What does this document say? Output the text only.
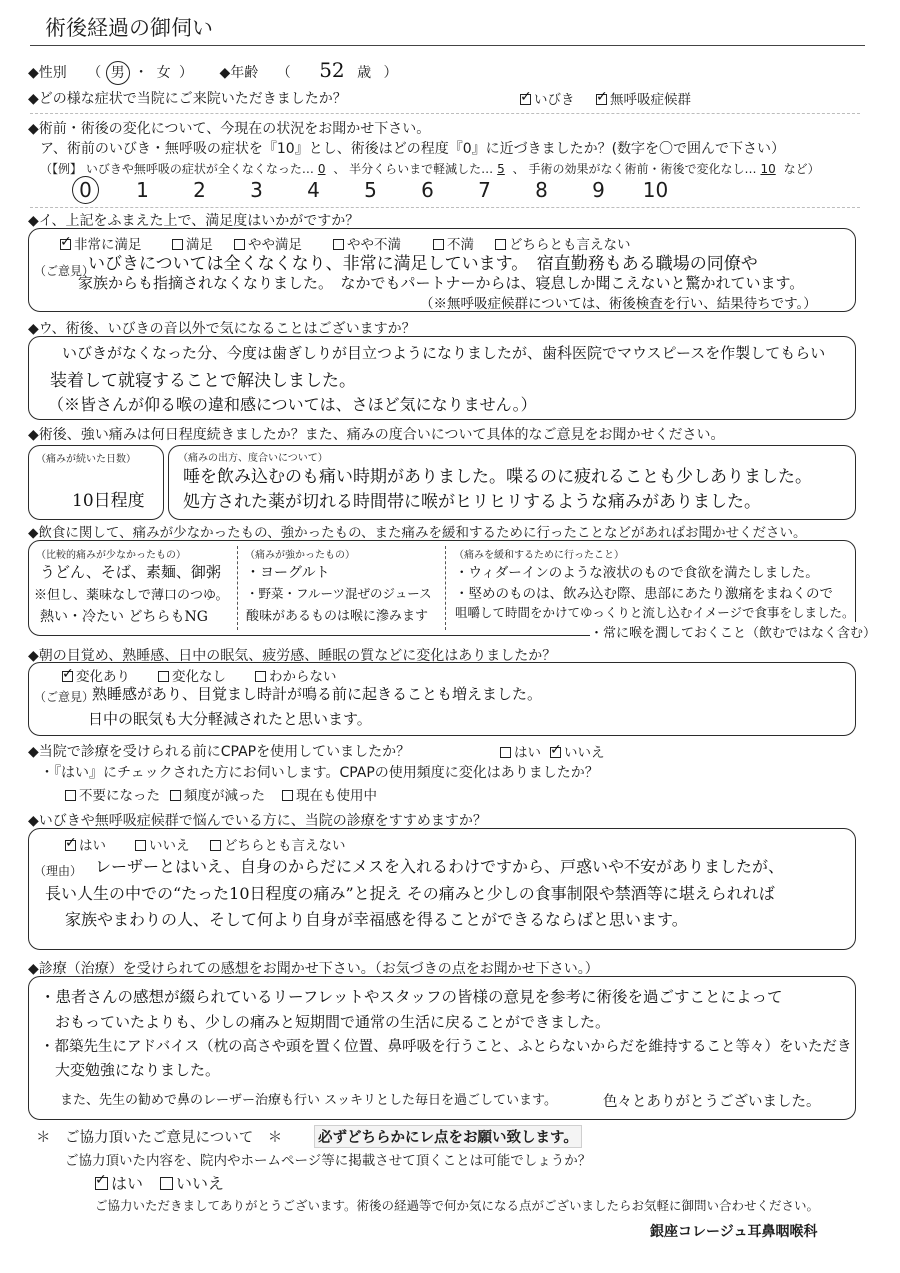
術後経過の御伺い
◆性別 （ 男 ・ 女 ） ◆年齢 （ 52 歳 ）
◆どの様な症状で当院にご来院いただきましたか？ ✓	いびき ✓	無呼吸症候群
◆術前・術後の変化について、今現在の状況をお聞かせ下さい。
ア、術前のいびき・無呼吸の症状を『10』とし、術後はどの程度『0』に近づきましたか？(数字を〇で囲んで下さい）
（【例】 いびきや無呼吸の症状が全くなくなった… 0 、 半分くらいまで軽減した… 5 、 手術の効果がなく術前・術後で変化なし… 10 など）
0 1 2 3 4 5 6 7 8 9 10
◆イ、上記をふまえた上で、満足度はいかがですか？
✓非常に満足	満足	やや満足	やや不満	不満	どちらとも言えない
（ご意見）
いびきについては全くなくなり、非常に満足しています。　宿直勤務もある職場の同僚や
家族からも指摘されなくなりました。　なかでもパートナーからは、寝息しか聞こえないと驚かれています。
（※無呼吸症候群については、術後検査を行い、結果待ちです。）
◆ウ、術後、いびきの音以外で気になることはございますか？
いびきがなくなった分、今度は歯ぎしりが目立つようになりましたが、歯科医院でマウスピースを作製してもらい
装着して就寝することで解決しました。
（※皆さんが仰る喉の違和感については、さほど気になりません。）
◆術後、強い痛みは何日程度続きましたか？また、痛みの度合いについて具体的なご意見をお聞かせください。
（痛みが続いた日数）
10日程度
（痛みの出方、度合いについて）
唾を飲み込むのも痛い時期がありました。喋るのに疲れることも少しありました。
処方された薬が切れる時間帯に喉がヒリヒリするような痛みがありました。
◆飲食に関して、痛みが少なかったもの、強かったもの、また痛みを緩和するために行ったことなどがあればお聞かせください。
（比較的痛みが少なかったもの）
うどん、そば、素麺、御粥
※但し、薬味なしで薄口のつゆ。
熱い・冷たい どちらもNG
（痛みが強かったもの）
・ヨーグルト
・野菜・フルーツ混ぜのジュース
酸味があるものは喉に滲みます
（痛みを緩和するために行ったこと）
・ウィダーインのような液状のもので食欲を満たしました。
・堅めのものは、飲み込む際、患部にあたり激痛をまねくので
咀嚼して時間をかけてゆっくりと流し込むイメージで食事をしました。
・常に喉を潤しておくこと（飲むではなく含む）
◆朝の目覚め、熟睡感、日中の眠気、疲労感、睡眠の質などに変化はありましたか？
✓変化あり	変化なし	わからない
（ご意見）
熟睡感があり、目覚まし時計が鳴る前に起きることも増えました。
日中の眠気も大分軽減されたと思います。
◆当院で診療を受けられる前にCPAPを使用していましたか？	はい ✓	いいえ
・『はい』にチェックされた方にお伺いします。CPAPの使用頻度に変化はありましたか？
不要になった	頻度が減った	現在も使用中
◆いびきや無呼吸症候群で悩んでいる方に、当院の診療をすすめますか？
✓はい	いいえ	どちらとも言えない
（理由） レーザーとはいえ、自身のからだにメスを入れるわけですから、戸惑いや不安がありましたが、
長い人生の中での“たった10日程度の痛み”と捉え その痛みと少しの食事制限や禁酒等に堪えられれば
家族やまわりの人、そして何より自身が幸福感を得ることができるならばと思います。
◆診療（治療）を受けられての感想をお聞かせ下さい。（お気づきの点をお聞かせ下さい。）
・患者さんの感想が綴られているリーフレットやスタッフの皆様の意見を参考に術後を過ごすことによって
おもっていたよりも、少しの痛みと短期間で通常の生活に戻ることができました。
・都築先生にアドバイス（枕の高さや頭を置く位置、鼻呼吸を行うこと、ふとらないからだを維持すること等々）をいただき
大変勉強になりました。
また、先生の勧めで鼻のレーザー治療も行い スッキリとした毎日を過ごしています。	色々とありがとうございました。
＊　ご協力頂いたご意見について　＊ 必ずどちらかにレ点をお願い致します。
ご協力頂いた内容を、院内やホームページ等に掲載させて頂くことは可能でしょうか？
✓はい	いいえ
ご協力いただきましてありがとうございます。術後の経過等で何か気になる点がございましたらお気軽に御問い合わせください。
銀座コレージュ耳鼻咽喉科
